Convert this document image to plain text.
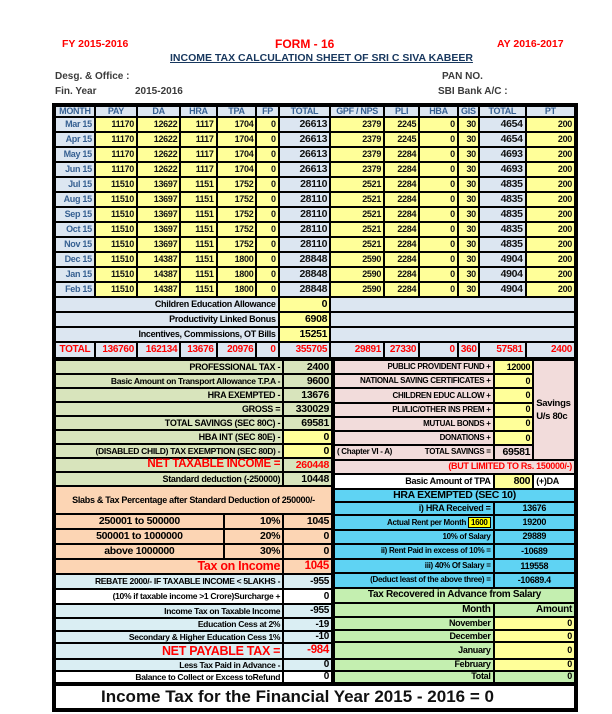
FY 2015-2016	FORM - 16	AY 2016-2017
INCOME TAX CALCULATION SHEET OF SRI C SIVA KABEER
Desg. & Office :	PAN NO.
Fin. Year	2015-2016	SBI Bank A/C :
MONTH	PAY	DA	HRA	TPA	FP	TOTAL	GPF / NPS	PLI	HBA	GIS	TOTAL	PT
Mar 15	11170	12622	1117	1704	0	26613	2379	2245	0	30	4654	200
Apr 15	11170	12622	1117	1704	0	26613	2379	2245	0	30	4654	200
May 15	11170	12622	1117	1704	0	26613	2379	2284	0	30	4693	200
Jun 15	11170	12622	1117	1704	0	26613	2379	2284	0	30	4693	200
Jul 15	11510	13697	1151	1752	0	28110	2521	2284	0	30	4835	200
Aug 15	11510	13697	1151	1752	0	28110	2521	2284	0	30	4835	200
Sep 15	11510	13697	1151	1752	0	28110	2521	2284	0	30	4835	200
Oct 15	11510	13697	1151	1752	0	28110	2521	2284	0	30	4835	200
Nov 15	11510	13697	1151	1752	0	28110	2521	2284	0	30	4835	200
Dec 15	11510	14387	1151	1800	0	28848	2590	2284	0	30	4904	200
Jan 15	11510	14387	1151	1800	0	28848	2590	2284	0	30	4904	200
Feb 15	11510	14387	1151	1800	0	28848	2590	2284	0	30	4904	200
Children Education Allowance						0						
Productivity Linked Bonus						6908						
Incentives, Commissions, OT Bills						15251						
TOTAL	136760	162134	13676	20976	0	355705	29891	27330	0	360	57581	2400
PROFESSIONAL TAX -		2400
Basic Amount on Transport Allowance T.P.A -		9600
HRA EXEMPTED -		13676
GROSS =		330029
TOTAL SAVINGS (SEC 80C) -		69581
HBA INT (SEC 80E) -		0
(DISABLED CHILD) TAX EXEMPTION (SEC 80D) -		0
NET TAXABLE INCOME =		260448
Standard deduction (-250000)		10448
Slabs & Tax Percentage after Standard Deduction of 250000/-		
250001 to 500000	10%	1045
500001 to 1000000	20%	0
above 1000000	30%	0
Tax on Income		1045
REBATE 2000/- IF TAXABLE INCOME < 5LAKHS -		-955
(10% if taxable income >1 Crore)Surcharge +		0
Income Tax on Taxable Income		-955
Education Cess at 2%		-19
Secondary & Higher Education Cess 1%		-10
NET PAYABLE TAX =		-984
Less Tax Paid in Advance -		0
Balance to Collect or Excess toRefund		0
PUBLIC PROVIDENT FUND +	12000	Savings U/s 80c
NATIONAL SAVING CERTIFICATES +	0	
CHILDREN EDUC ALLOW +	0	
PLI/LIC/OTHER INS PREM +	0	
MUTUAL BONDS +	0	
DONATIONS +	0	

( Chapter VI - A) TOTAL SAVINGS =	69581	
(BUT LIMITED TO Rs. 150000/-)		
Basic Amount of TPA	800	(+)DA
HRA EXEMPTED (SEC 10)		
i) HRA Received =	13676	
Actual Rent per Month 1600	19200	
10% of Salary	29889	
ii) Rent Paid in excess of 10% =	-10689	
iii) 40% Of Salary =	119558	
(Deduct least of the above three) =	-10689.4	
Tax Recovered in Advance from Salary		
Month	Amount	
November	0	
December	0	
January	0	
February	0	
Total	0	
Income Tax for the Financial Year 2015 - 2016 = 0
